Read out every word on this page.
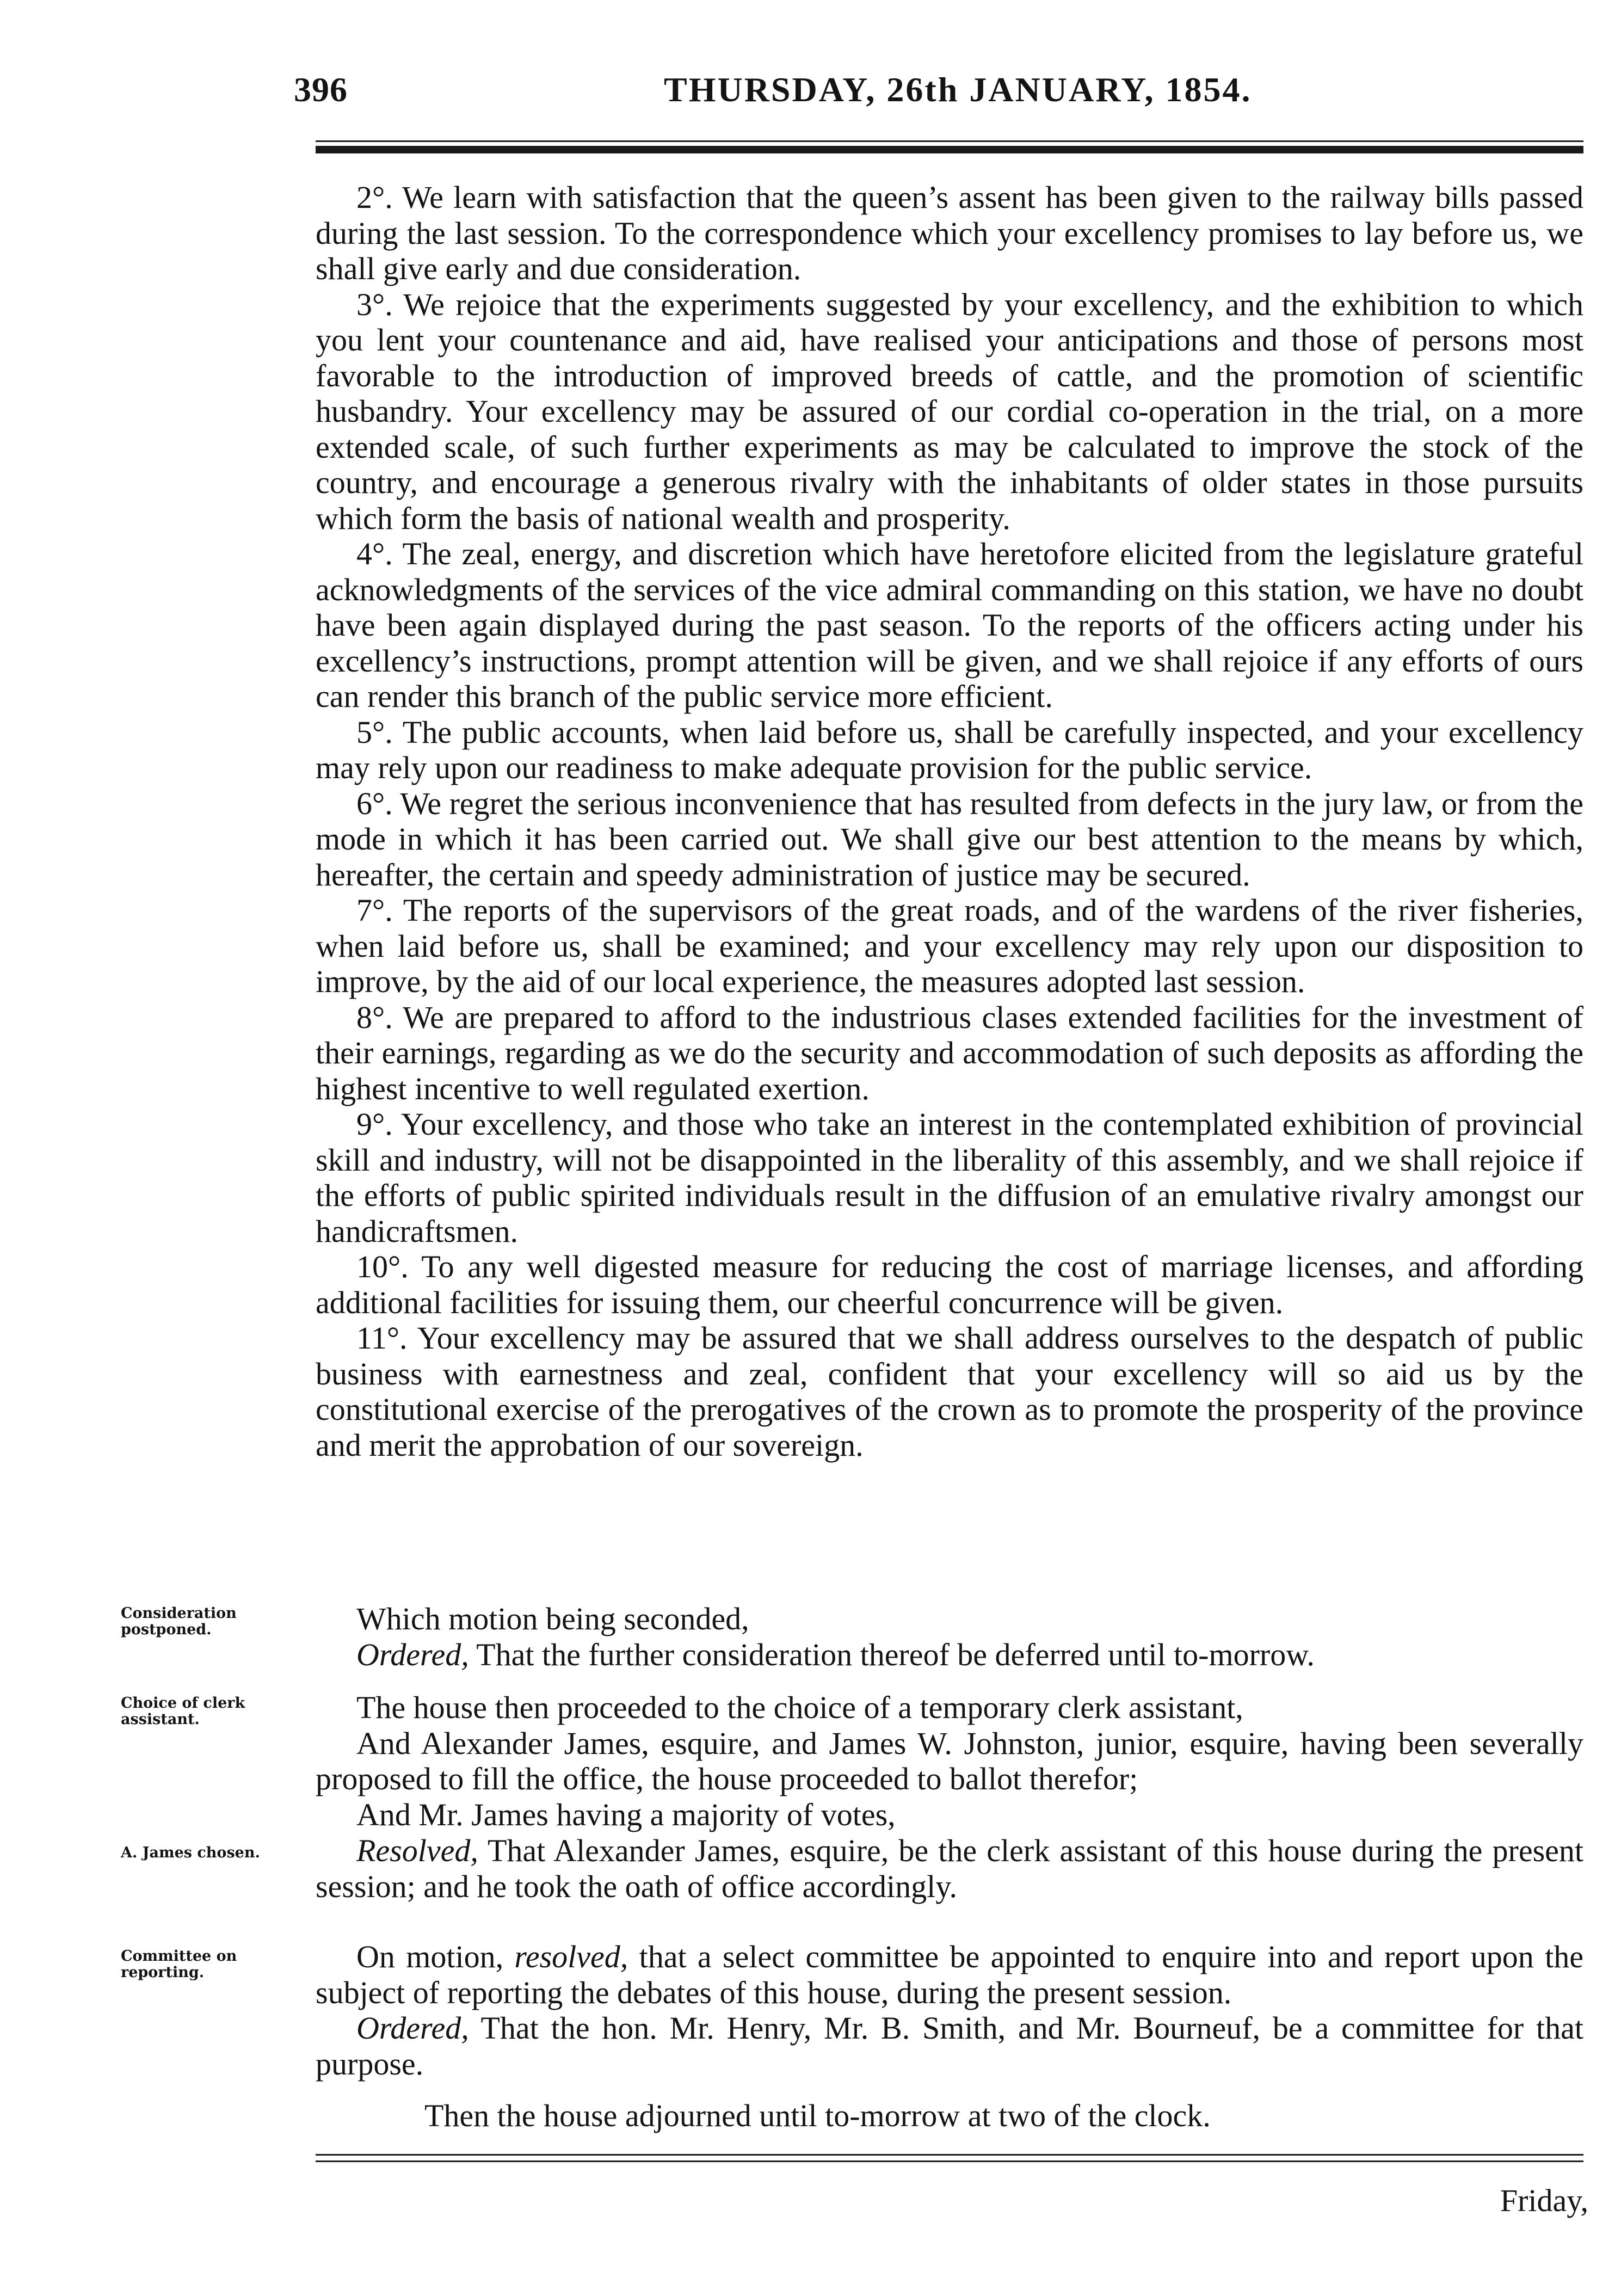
396	THURSDAY, 26th JANUARY, 1854.

2°. We learn with satisfaction that the queen’s assent has been given to the railway bills passed during the last session. To the correspondence which your excellency promises to lay before us, we shall give early and due consideration.

3°. We rejoice that the experiments suggested by your excellency, and the exhibition to which you lent your countenance and aid, have realised your anticipations and those of persons most favorable to the introduction of improved breeds of cattle, and the promotion of scientific husbandry. Your excellency may be assured of our cordial co-operation in the trial, on a more extended scale, of such further experiments as may be calculated to improve the stock of the country, and encourage a generous rivalry with the inhabitants of older states in those pursuits which form the basis of national wealth and prosperity.

4°. The zeal, energy, and discretion which have heretofore elicited from the legislature grateful acknowledgments of the services of the vice admiral commanding on this station, we have no doubt have been again displayed during the past season. To the reports of the officers acting under his excellency’s instructions, prompt attention will be given, and we shall rejoice if any efforts of ours can render this branch of the public service more efficient.

5°. The public accounts, when laid before us, shall be carefully inspected, and your excellency may rely upon our readiness to make adequate provision for the public service.

6°. We regret the serious inconvenience that has resulted from defects in the jury law, or from the mode in which it has been carried out. We shall give our best attention to the means by which, hereafter, the certain and speedy administration of justice may be secured.

7°. The reports of the supervisors of the great roads, and of the wardens of the river fisheries, when laid before us, shall be examined; and your excellency may rely upon our disposition to improve, by the aid of our local experience, the measures adopted last session.

8°. We are prepared to afford to the industrious clases extended facilities for the investment of their earnings, regarding as we do the security and accommodation of such deposits as affording the highest incentive to well regulated exertion.

9°. Your excellency, and those who take an interest in the contemplated exhibition of provincial skill and industry, will not be disappointed in the liberality of this assembly, and we shall rejoice if the efforts of public spirited individuals result in the diffusion of an emulative rivalry amongst our handicraftsmen.

10°. To any well digested measure for reducing the cost of marriage licenses, and affording additional facilities for issuing them, our cheerful concurrence will be given.

11°. Your excellency may be assured that we shall address ourselves to the despatch of public business with earnestness and zeal, confident that your excellency will so aid us by the constitutional exercise of the prerogatives of the crown as to promote the prosperity of the province and merit the approbation of our sovereign.

Consideration postponed.	Which motion being seconded,

Ordered, That the further consideration thereof be deferred until to-morrow.

Choice of clerk assistant.	The house then proceeded to the choice of a temporary clerk assistant,

And Alexander James, esquire, and James W. Johnston, junior, esquire, having been severally proposed to fill the office, the house proceeded to ballot therefor;

And Mr. James having a majority of votes,

A. James chosen.	Resolved, That Alexander James, esquire, be the clerk assistant of this house during the present session; and he took the oath of office accordingly.

Committee on reporting.	On motion, resolved, that a select committee be appointed to enquire into and report upon the subject of reporting the debates of this house, during the present session.

Ordered, That the hon. Mr. Henry, Mr. B. Smith, and Mr. Bourneuf, be a committee for that purpose.

Then the house adjourned until to-morrow at two of the clock.

Friday,
